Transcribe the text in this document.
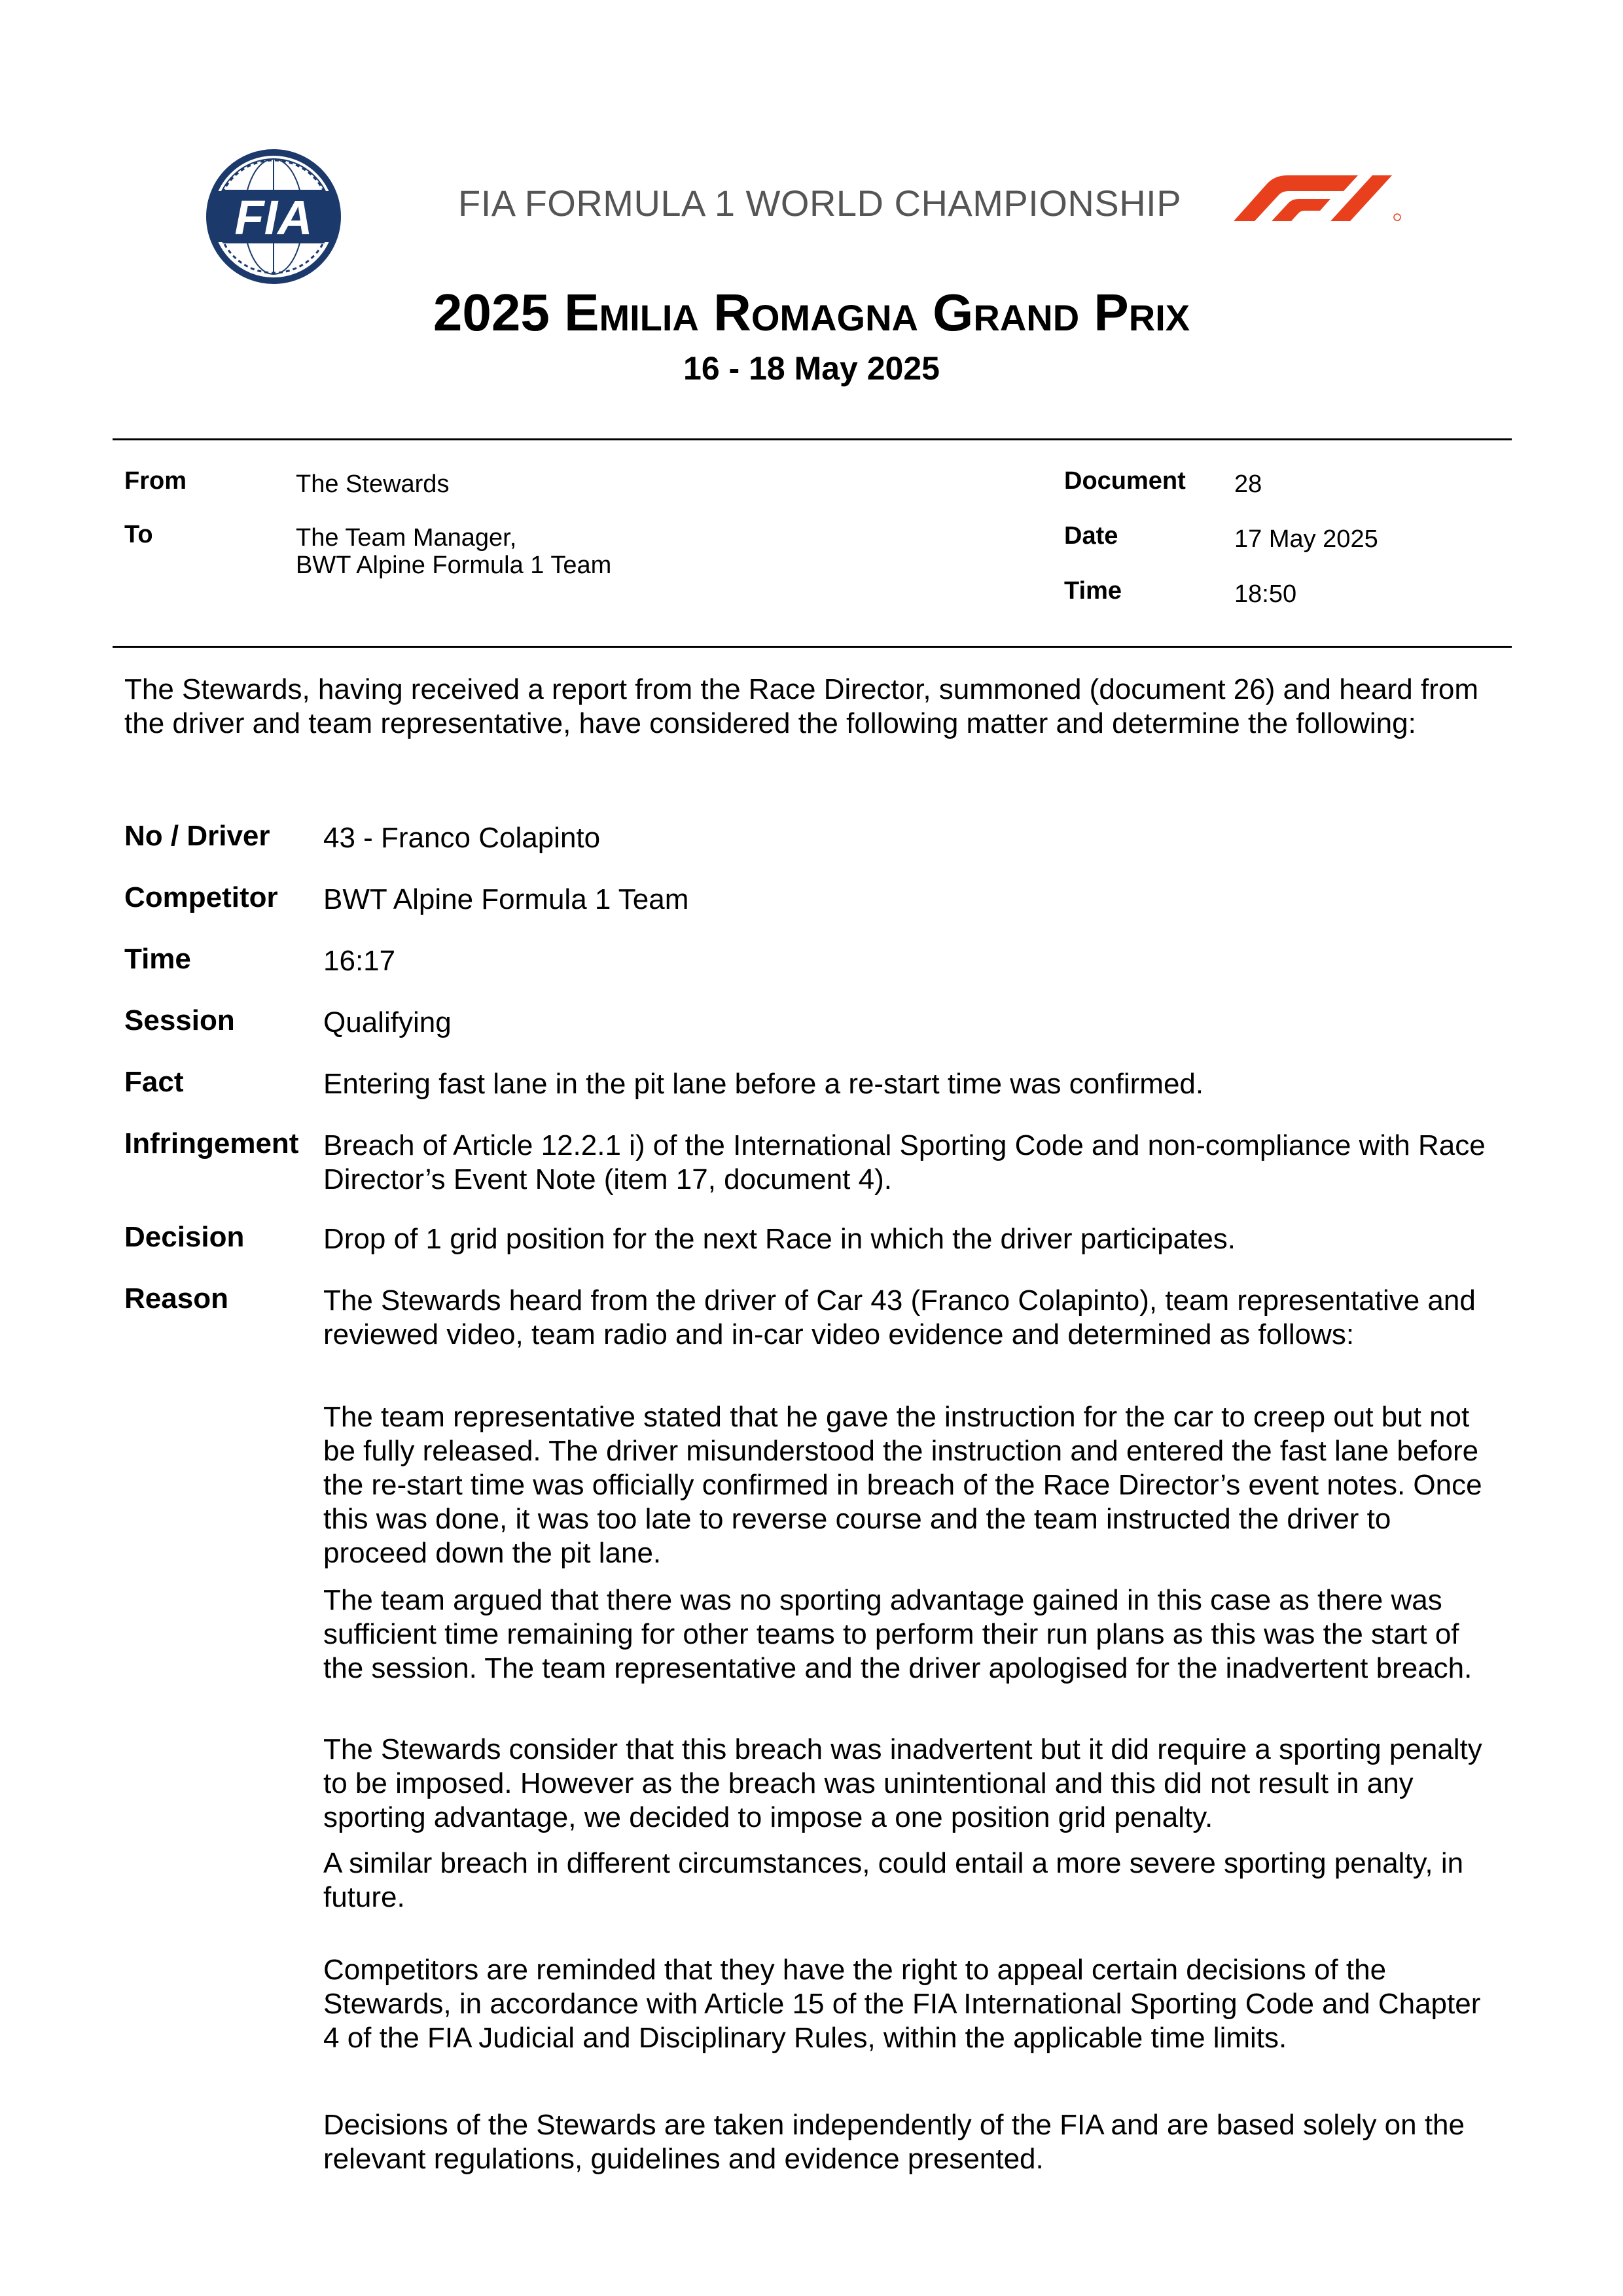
FIA	FIA FORMULA 1 WORLD CHAMPIONSHIP
2025 Emilia Romagna Grand Prix
16 - 18 May 2025
From	The Stewards
To	The Team Manager,
BWT Alpine Formula 1 Team
Document 28
Date	17 May 2025
Time	18:50
The Stewards, having received a report from the Race Director, summoned (document 26) and heard from the driver and team representative, have considered the following matter and determine the following:
No / Driver 43 - Franco Colapinto
Competitor BWT Alpine Formula 1 Team
Time	16:17
Session	Qualifying
Fact	Entering fast lane in the pit lane before a re-start time was confirmed.
Infringement Breach of Article 12.2.1 i) of the International Sporting Code and non-compliance with Race Director’s Event Note (item 17, document 4).
Decision	Drop of 1 grid position for the next Race in which the driver participates.
Reason	The Stewards heard from the driver of Car 43 (Franco Colapinto), team representative and reviewed video, team radio and in-car video evidence and determined as follows:
The team representative stated that he gave the instruction for the car to creep out but not be fully released. The driver misunderstood the instruction and entered the fast lane before the re-start time was officially confirmed in breach of the Race Director’s event notes. Once this was done, it was too late to reverse course and the team instructed the driver to proceed down the pit lane.
The team argued that there was no sporting advantage gained in this case as there was sufficient time remaining for other teams to perform their run plans as this was the start of the session. The team representative and the driver apologised for the inadvertent breach.
The Stewards consider that this breach was inadvertent but it did require a sporting penalty to be imposed. However as the breach was unintentional and this did not result in any sporting advantage, we decided to impose a one position grid penalty.
A similar breach in different circumstances, could entail a more severe sporting penalty, in future.
Competitors are reminded that they have the right to appeal certain decisions of the Stewards, in accordance with Article 15 of the FIA International Sporting Code and Chapter 4 of the FIA Judicial and Disciplinary Rules, within the applicable time limits.
Decisions of the Stewards are taken independently of the FIA and are based solely on the relevant regulations, guidelines and evidence presented.
